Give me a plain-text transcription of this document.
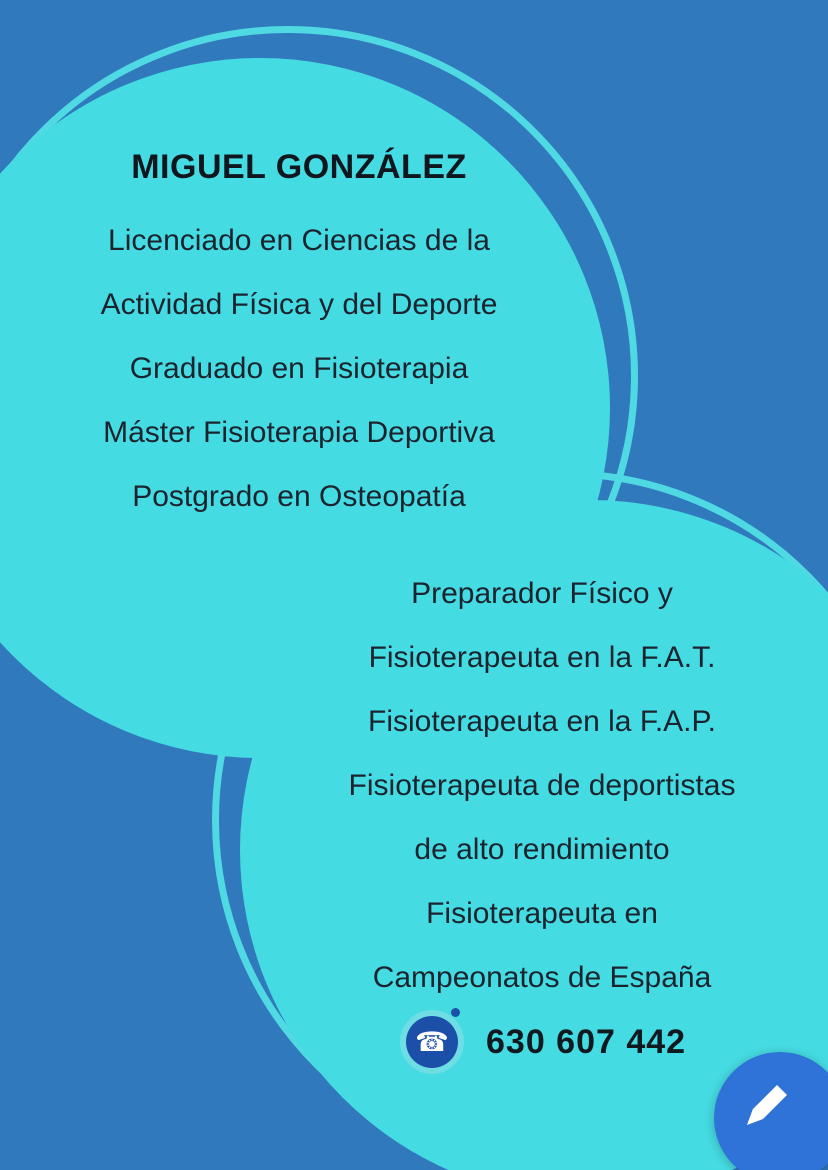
MIGUEL GONZÁLEZ
Licenciado en Ciencias de la
Actividad Física y del Deporte
Graduado en Fisioterapia
Máster Fisioterapia Deportiva
Postgrado en Osteopatía
Preparador Físico y
Fisioterapeuta en la F.A.T.
Fisioterapeuta en la F.A.P.
Fisioterapeuta de deportistas
de alto rendimiento
Fisioterapeuta en
Campeonatos de España
☎ 630 607 442
